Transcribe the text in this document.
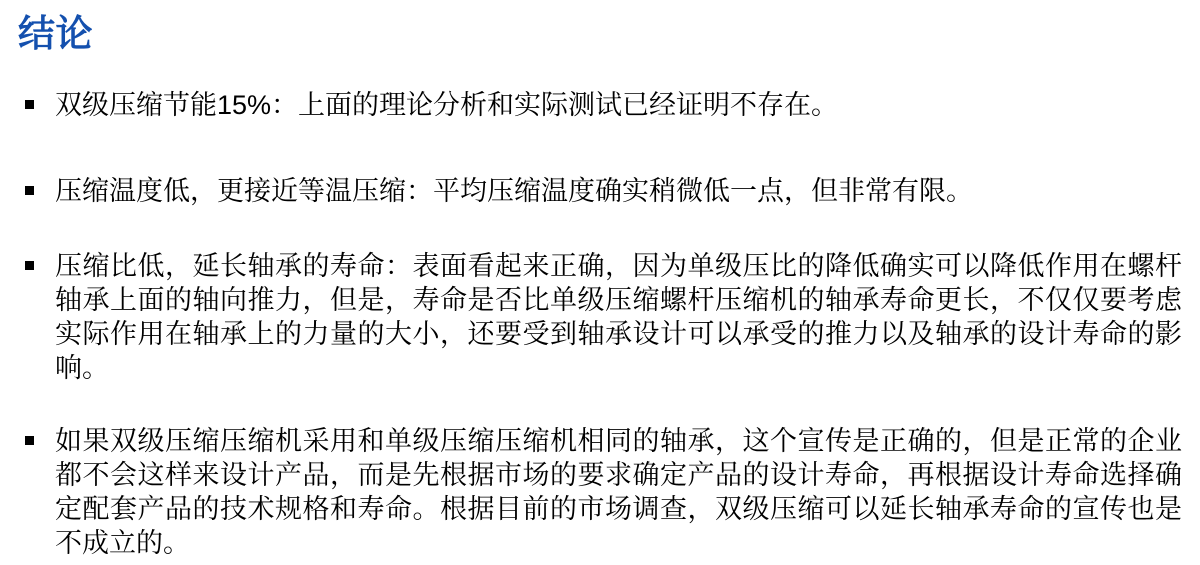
结论
双级压缩节能15%：上面的理论分析和实际测试已经证明不存在。
压缩温度低，更接近等温压缩：平均压缩温度确实稍微低一点，但非常有限。
压缩比低，延长轴承的寿命：表面看起来正确，因为单级压比的降低确实可以降低作用在螺杆轴承上面的轴向推力，但是，寿命是否比单级压缩螺杆压缩机的轴承寿命更长，不仅仅要考虑实际作用在轴承上的力量的大小，还要受到轴承设计可以承受的推力以及轴承的设计寿命的影响。
如果双级压缩压缩机采用和单级压缩压缩机相同的轴承，这个宣传是正确的，但是正常的企业都不会这样来设计产品，而是先根据市场的要求确定产品的设计寿命，再根据设计寿命选择确定配套产品的技术规格和寿命。根据目前的市场调查，双级压缩可以延长轴承寿命的宣传也是不成立的。
